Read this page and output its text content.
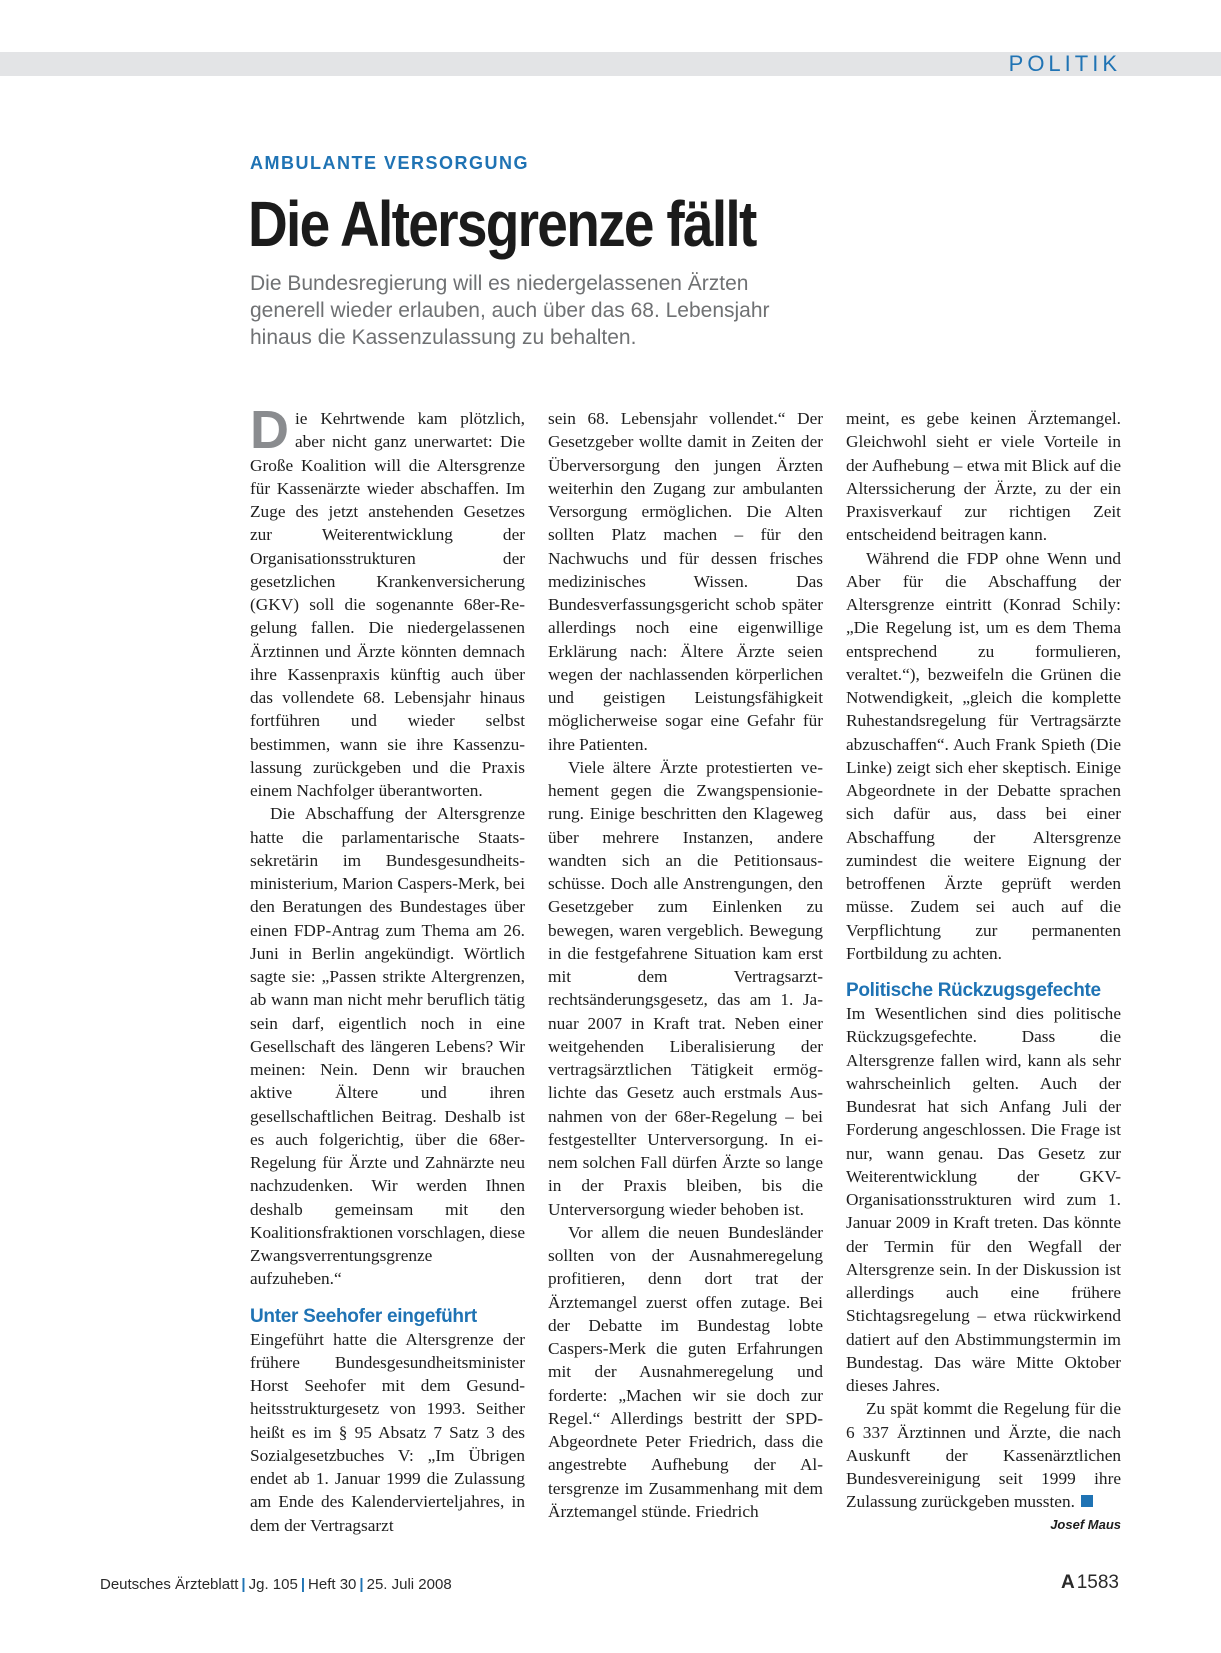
POLITIK
AMBULANTE VERSORGUNG
Die Altersgrenze fällt
Die Bundesregierung will es niedergelassenen Ärzten
generell wieder erlauben, auch über das 68. Lebensjahr
hinaus die Kassenzulassung zu behalten.

Die Kehrtwende kam plötzlich, aber nicht ganz unerwartet: Die Große Koalition will die Altersgrenze für Kassenärzte wieder abschaffen. Im Zuge des jetzt anstehenden Gesetzes zur Weiterentwicklung der Organisationsstrukturen der gesetzlichen Krankenversicherung (GKV) soll die sogenannte 68er-Regelung fallen. Die niedergelassenen Ärztinnen und Ärzte könnten demnach ihre Kassenpraxis künftig auch über das vollendete 68. Lebensjahr hinaus fortführen und wieder selbst bestimmen, wann sie ihre Kassenzulassung zurückgeben und die Praxis einem Nachfolger überantworten.

Die Abschaffung der Altersgrenze hatte die parlamentarische Staatssekretärin im Bundesgesundheitsministerium, Marion Caspers-Merk, bei den Beratungen des Bundestages über einen FDP-Antrag zum Thema am 26. Juni in Berlin angekündigt. Wörtlich sagte sie: „Passen strikte Altergrenzen, ab wann man nicht mehr beruflich tätig sein darf, eigentlich noch in eine Gesellschaft des längeren Lebens? Wir meinen: Nein. Denn wir brauchen aktive Ältere und ihren gesellschaftlichen Beitrag. Deshalb ist es auch folgerichtig, über die 68er-Regelung für Ärzte und Zahnärzte neu nachzudenken. Wir werden Ihnen deshalb gemeinsam mit den Koalitionsfraktionen vorschlagen, diese Zwangsverrentungsgrenze aufzuheben.“

Unter Seehofer eingeführt

Eingeführt hatte die Altersgrenze der frühere Bundesgesundheitsminister Horst Seehofer mit dem Gesundheitsstrukturgesetz von 1993. Seither heißt es im § 95 Absatz 7 Satz 3 des Sozialgesetzbuches V: „Im Übrigen endet ab 1. Januar 1999 die Zulassung am Ende des Kalendervierteljahres, in dem der Vertragsarzt

sein 68. Lebensjahr vollendet.“ Der Gesetzgeber wollte damit in Zeiten der Überversorgung den jungen Ärzten weiterhin den Zugang zur ambulanten Versorgung ermöglichen. Die Alten sollten Platz machen – für den Nachwuchs und für dessen frisches medizinisches Wissen. Das Bundesverfassungsgericht schob später allerdings noch eine eigenwillige Erklärung nach: Ältere Ärzte seien wegen der nachlassenden körperlichen und geistigen Leistungsfähigkeit möglicherweise sogar eine Gefahr für ihre Patienten.

Viele ältere Ärzte protestierten vehement gegen die Zwangspensionierung. Einige beschritten den Klageweg über mehrere Instanzen, andere wandten sich an die Petitionsausschüsse. Doch alle Anstrengungen, den Gesetzgeber zum Einlenken zu bewegen, waren vergeblich. Bewegung in die festgefahrene Situation kam erst mit dem Vertragsarztrechtsänderungsgesetz, das am 1. Januar 2007 in Kraft trat. Neben einer weitgehenden Liberalisierung der vertragsärztlichen Tätigkeit ermöglichte das Gesetz auch erstmals Ausnahmen von der 68er-Regelung – bei festgestellter Unterversorgung. In einem solchen Fall dürfen Ärzte so lange in der Praxis bleiben, bis die Unterversorgung wieder behoben ist.

Vor allem die neuen Bundesländer sollten von der Ausnahmeregelung profitieren, denn dort trat der Ärztemangel zuerst offen zutage. Bei der Debatte im Bundestag lobte Caspers-Merk die guten Erfahrungen mit der Ausnahmeregelung und forderte: „Machen wir sie doch zur Regel.“ Allerdings bestritt der SPD-Abgeordnete Peter Friedrich, dass die angestrebte Aufhebung der Altersgrenze im Zusammenhang mit dem Ärztemangel stünde. Friedrich

meint, es gebe keinen Ärztemangel. Gleichwohl sieht er viele Vorteile in der Aufhebung – etwa mit Blick auf die Alterssicherung der Ärzte, zu der ein Praxisverkauf zur richtigen Zeit entscheidend beitragen kann.

Während die FDP ohne Wenn und Aber für die Abschaffung der Altersgrenze eintritt (Konrad Schily: „Die Regelung ist, um es dem Thema entsprechend zu formulieren, veraltet.“), bezweifeln die Grünen die Notwendigkeit, „gleich die komplette Ruhestandsregelung für Vertragsärzte abzuschaffen“. Auch Frank Spieth (Die Linke) zeigt sich eher skeptisch. Einige Abgeordnete in der Debatte sprachen sich dafür aus, dass bei einer Abschaffung der Altersgrenze zumindest die weitere Eignung der betroffenen Ärzte geprüft werden müsse. Zudem sei auch auf die Verpflichtung zur permanenten Fortbildung zu achten.

Politische Rückzugsgefechte

Im Wesentlichen sind dies politische Rückzugsgefechte. Dass die Altersgrenze fallen wird, kann als sehr wahrscheinlich gelten. Auch der Bundesrat hat sich Anfang Juli der Forderung angeschlossen. Die Frage ist nur, wann genau. Das Gesetz zur Weiterentwicklung der GKV-Organisationsstrukturen wird zum 1. Januar 2009 in Kraft treten. Das könnte der Termin für den Wegfall der Altersgrenze sein. In der Diskussion ist allerdings auch eine frühere Stichtagsregelung – etwa rückwirkend datiert auf den Abstimmungstermin im Bundestag. Das wäre Mitte Oktober dieses Jahres.

Zu spät kommt die Regelung für die 6 337 Ärztinnen und Ärzte, die nach Auskunft der Kassenärztlichen Bundesvereinigung seit 1999 ihre Zulassung zurückgeben mussten.

Josef Maus
Deutsches Ärzteblatt | Jg. 105 | Heft 30 | 25. Juli 2008	A 1583
